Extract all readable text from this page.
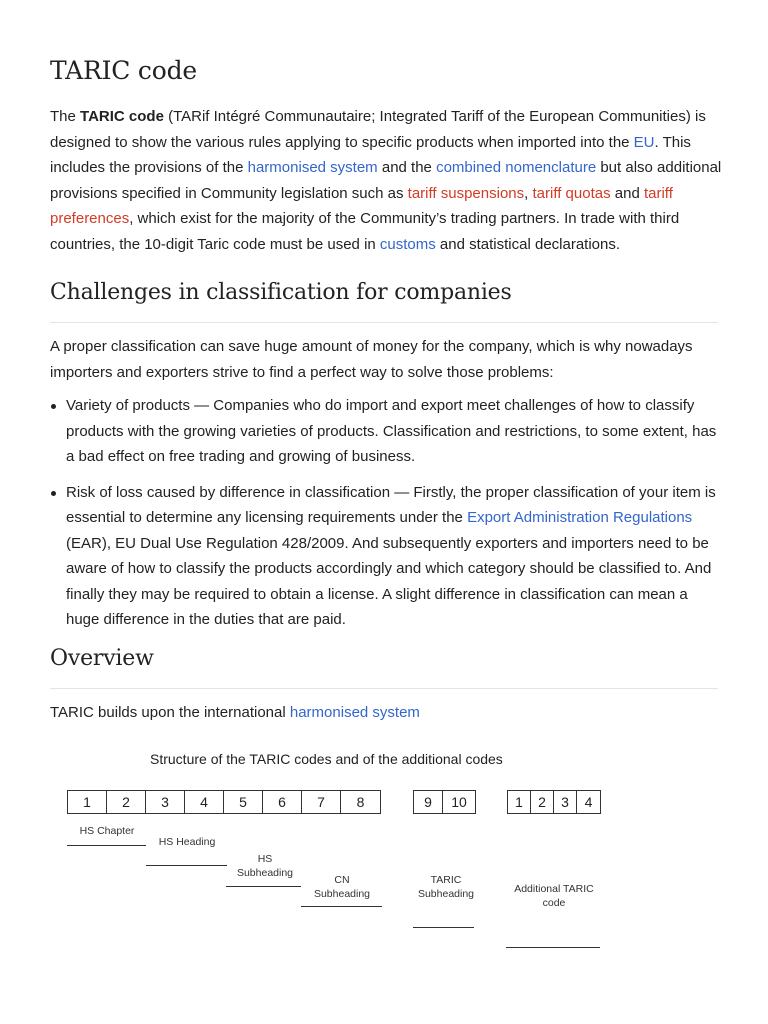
TARIC code

The TARIC code (TARif Intégré Communautaire; Integrated Tariff of the European Communities) is designed to show the various rules applying to specific products when imported into the EU. This includes the provisions of the harmonised system and the combined nomenclature but also additional provisions specified in Community legislation such as tariff suspensions, tariff quotas and tariff preferences, which exist for the majority of the Community’s trading partners. In trade with third countries, the 10-digit Taric code must be used in customs and statistical declarations.

Challenges in classification for companies

A proper classification can save huge amount of money for the company, which is why nowadays importers and exporters strive to find a perfect way to solve those problems:

Variety of products — Companies who do import and export meet challenges of how to classify products with the growing varieties of products. Classification and restrictions, to some extent, has a bad effect on free trading and growing of business.
Risk of loss caused by difference in classification — Firstly, the proper classification of your item is essential to determine any licensing requirements under the Export Administration Regulations (EAR), EU Dual Use Regulation 428/2009. And subsequently exporters and importers need to be aware of how to classify the products accordingly and which category should be classified to. And finally they may be required to obtain a license. A slight difference in classification can mean a huge difference in the duties that are paid.
Overview

TARIC builds upon the international harmonised system

Structure of the TARIC codes and of the additional codes
1	2	3	4	5	6	7	8	9	10	1	2	3	4
HS Chapter
HS Heading
HS
Subheading
CN
Subheading
TARIC
Subheading	Additional TARIC
code
